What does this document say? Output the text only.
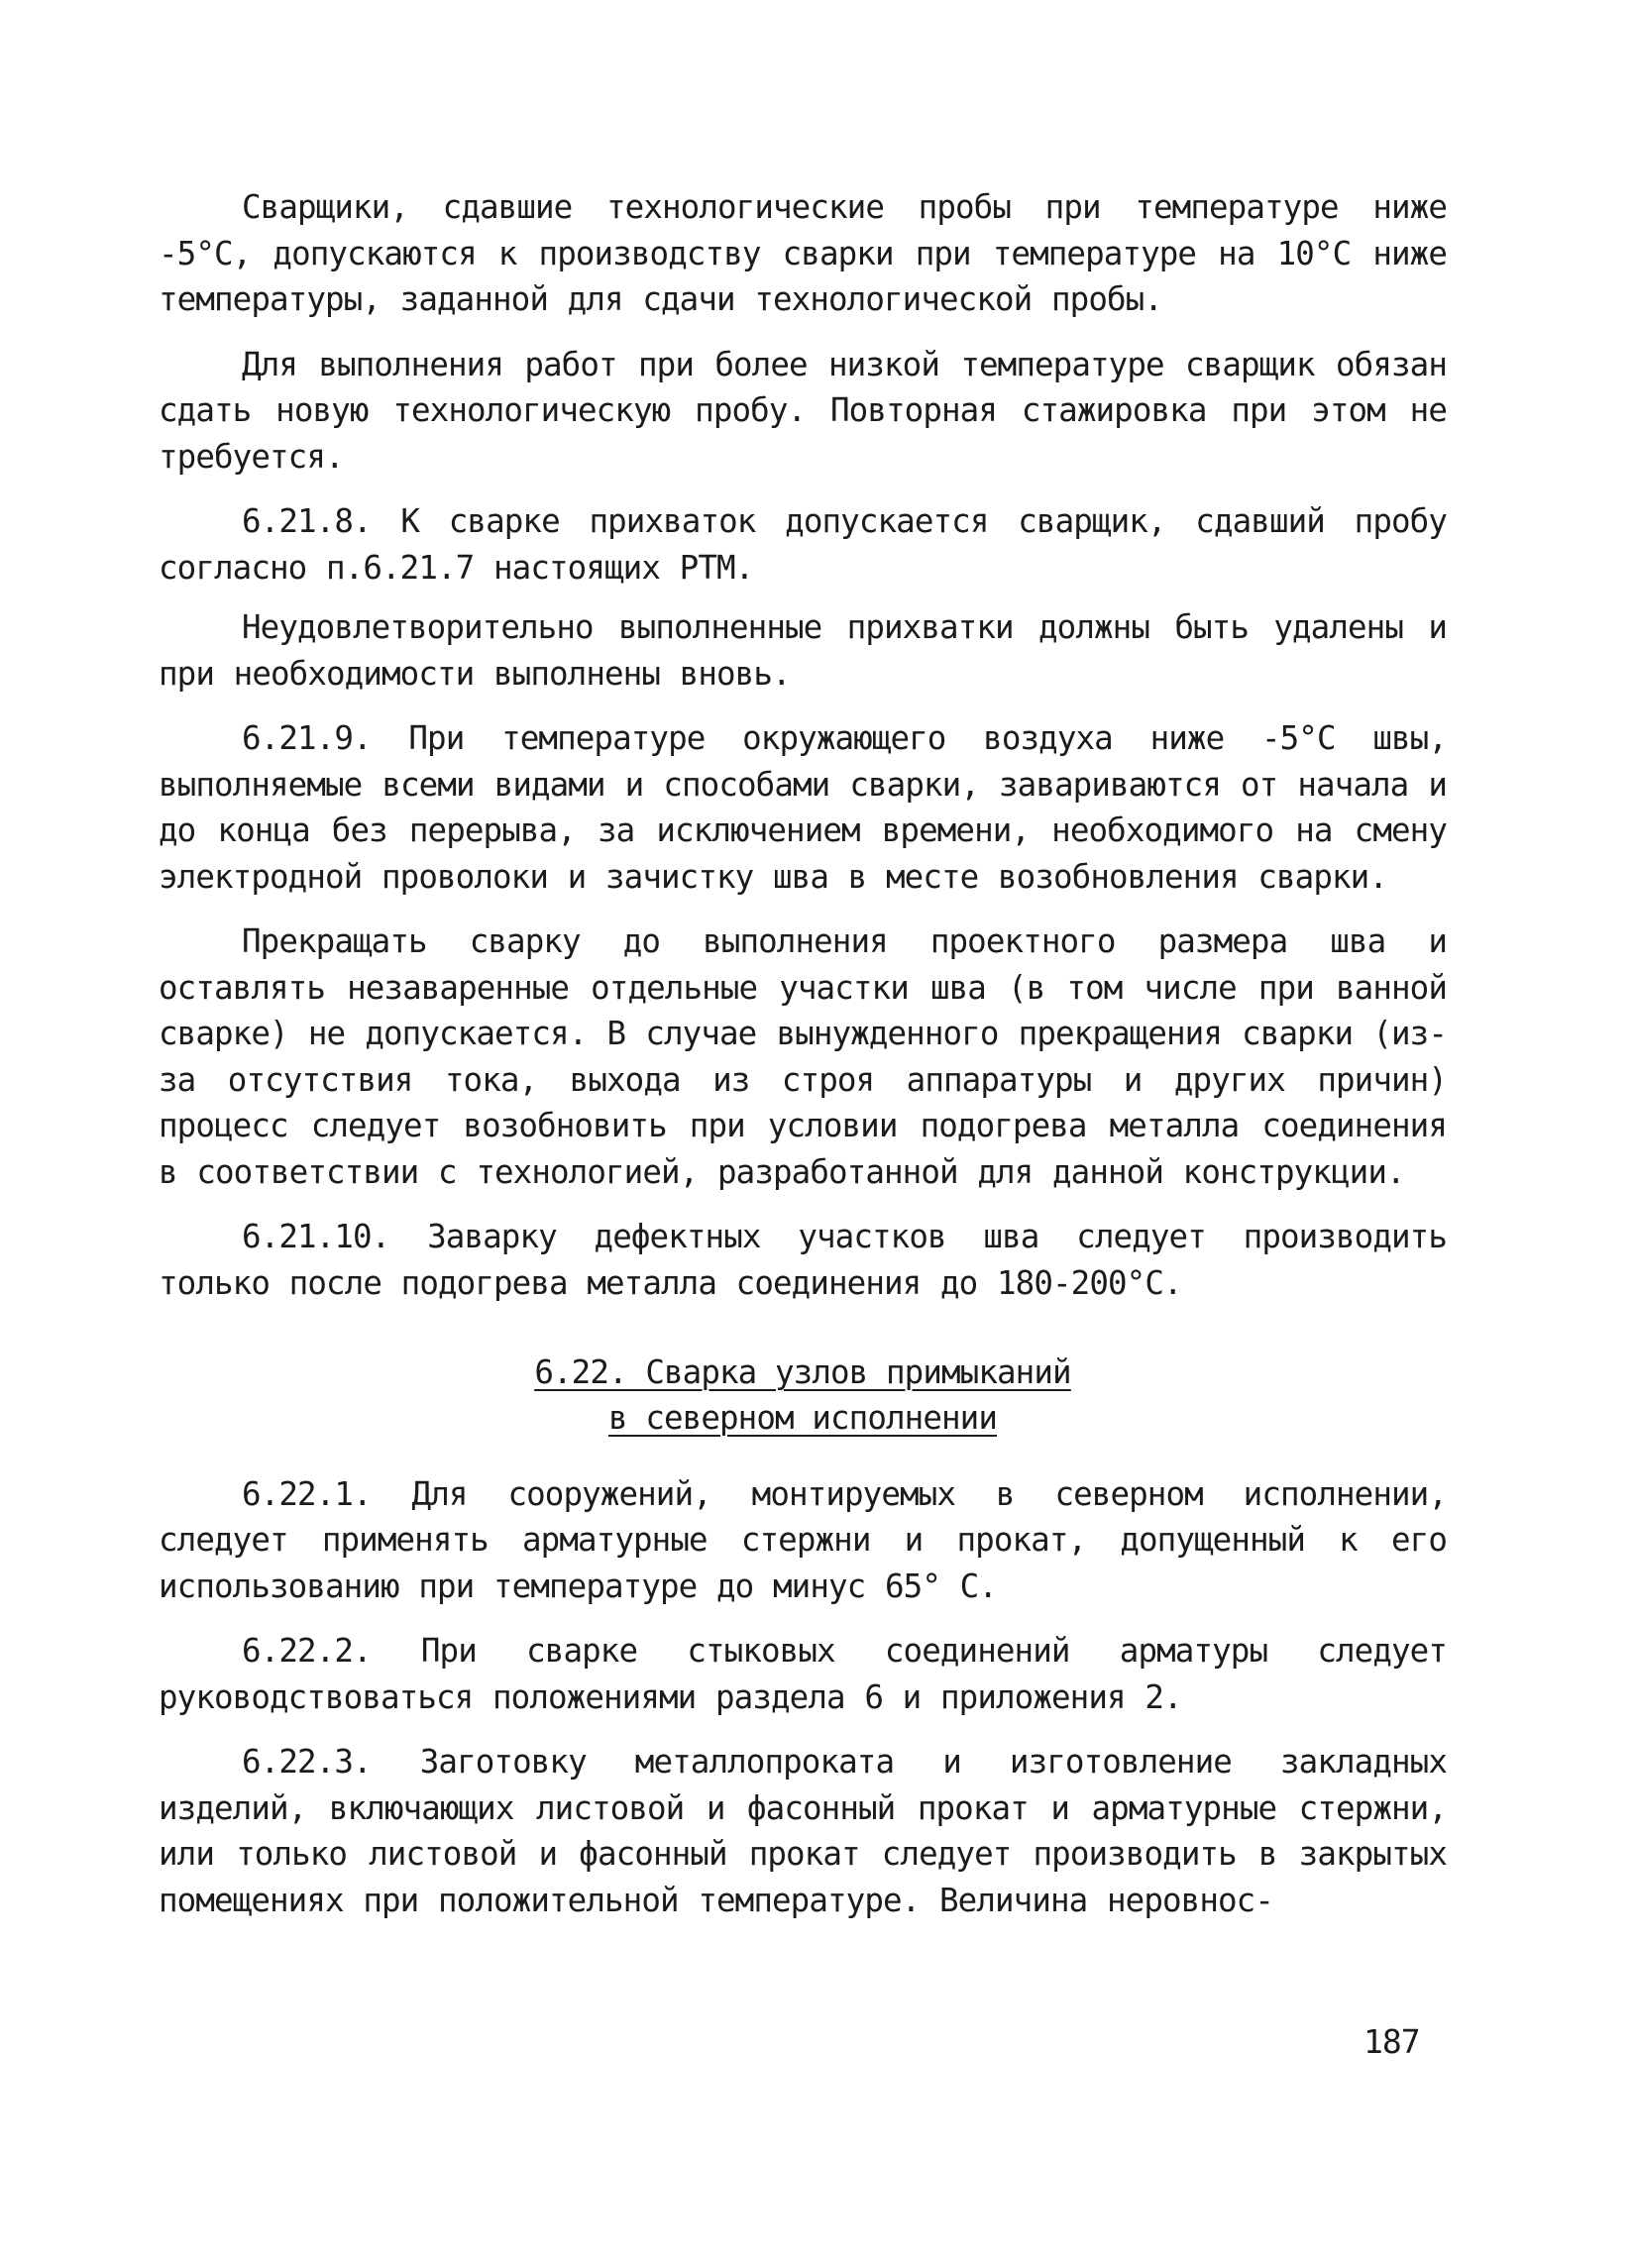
Сварщики, сдавшие технологические пробы при температуре ниже -5°С, допускаются к производству сварки при температуре на 10°С ниже температуры, заданной для сдачи технологической пробы.

Для выполнения работ при более низкой температуре сварщик обязан сдать новую технологическую пробу. Повторная стажировка при этом не требуется.

6.21.8. К сварке прихваток допускается сварщик, сдавший пробу согласно п.6.21.7 настоящих РТМ.

Неудовлетворительно выполненные прихватки должны быть удалены и при необходимости выполнены вновь.

6.21.9. При температуре окружающего воздуха ниже -5°С швы, выполняемые всеми видами и способами сварки, завариваются от начала и до конца без перерыва, за исключением времени, необходимого на смену электродной проволоки и зачистку шва в месте возобновления сварки.

Прекращать сварку до выполнения проектного размера шва и оставлять незаваренные отдельные участки шва (в том числе при ванной сварке) не допускается. В случае вынужденного прекращения сварки (из-за отсутствия тока, выхода из строя аппаратуры и других причин) процесс следует возобновить при условии подогрева металла соединения в соответствии с технологией, разработанной для данной конструкции.

6.21.10. Заварку дефектных участков шва следует производить только после подогрева металла соединения до 180-200°С.

6.22. Сварка узлов примыканий
в северном исполнении

6.22.1. Для сооружений, монтируемых в северном исполнении, следует применять арматурные стержни и прокат, допущенный к его использованию при температуре до минус 65° С.

6.22.2. При сварке стыковых соединений арматуры следует руководствоваться положениями раздела 6 и приложения 2.

6.22.3. Заготовку металлопроката и изготовление закладных изделий, включающих листовой и фасонный прокат и арматурные стержни, или только листовой и фасонный прокат следует производить в закрытых помещениях при положительной температуре. Величина неровнос-

187
